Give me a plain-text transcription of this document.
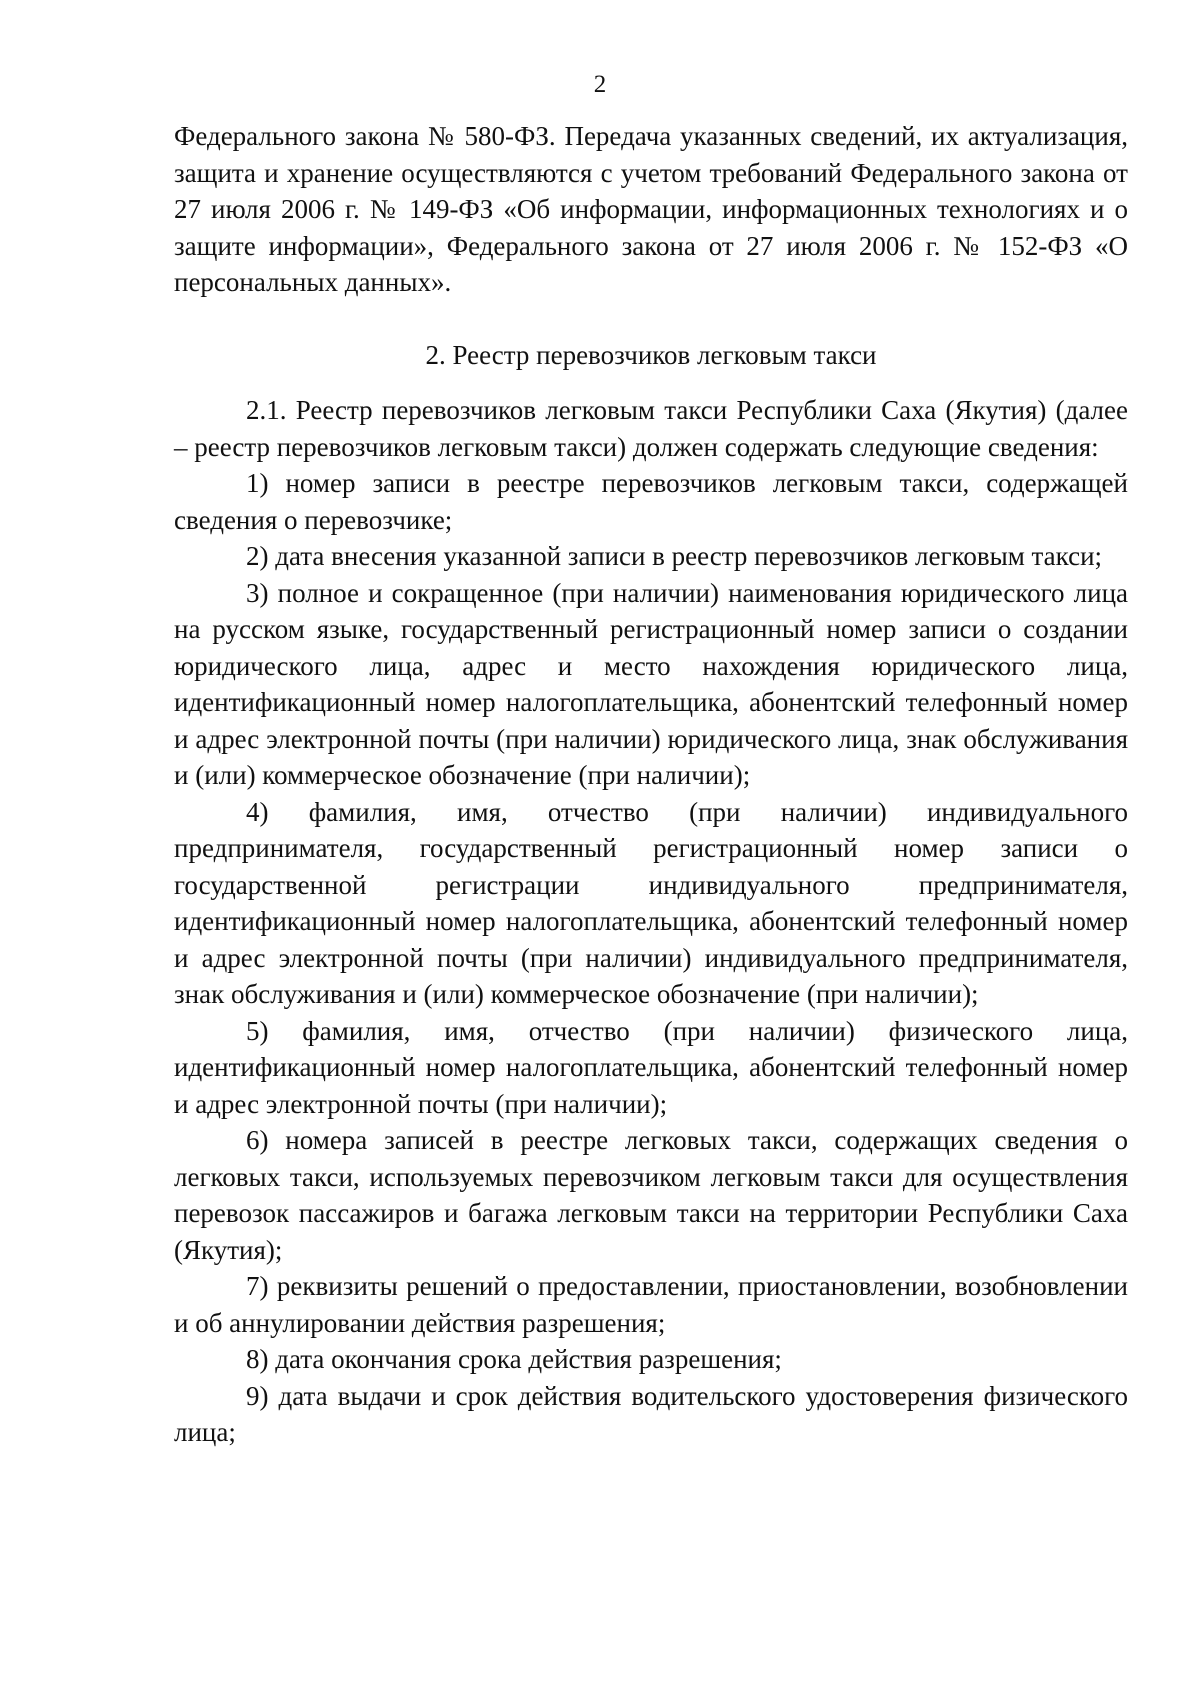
2

Федерального закона № 580-ФЗ. Передача указанных сведений, их актуализация, защита и хранение осуществляются с учетом требований Федерального закона от 27 июля 2006 г. № 149-ФЗ «Об информации, информационных технологиях и о защите информации», Федерального закона от 27 июля 2006 г. № 152-ФЗ «О персональных данных».

2. Реестр перевозчиков легковым такси

2.1. Реестр перевозчиков легковым такси Республики Саха (Якутия) (далее – реестр перевозчиков легковым такси) должен содержать следующие сведения:

1) номер записи в реестре перевозчиков легковым такси, содержащей сведения о перевозчике;

2) дата внесения указанной записи в реестр перевозчиков легковым такси;

3) полное и сокращенное (при наличии) наименования юридического лица на русском языке, государственный регистрационный номер записи о создании юридического лица, адрес и место нахождения юридического лица, идентификационный номер налогоплательщика, абонентский телефонный номер и адрес электронной почты (при наличии) юридического лица, знак обслуживания и (или) коммерческое обозначение (при наличии);

4) фамилия, имя, отчество (при наличии) индивидуального предпринимателя, государственный регистрационный номер записи о государственной регистрации индивидуального предпринимателя, идентификационный номер налогоплательщика, абонентский телефонный номер и адрес электронной почты (при наличии) индивидуального предпринимателя, знак обслуживания и (или) коммерческое обозначение (при наличии);

5) фамилия, имя, отчество (при наличии) физического лица, идентификационный номер налогоплательщика, абонентский телефонный номер и адрес электронной почты (при наличии);

6) номера записей в реестре легковых такси, содержащих сведения о легковых такси, используемых перевозчиком легковым такси для осуществления перевозок пассажиров и багажа легковым такси на территории Республики Саха (Якутия);

7) реквизиты решений о предоставлении, приостановлении, возобновлении и об аннулировании действия разрешения;

8) дата окончания срока действия разрешения;

9) дата выдачи и срок действия водительского удостоверения физического лица;
